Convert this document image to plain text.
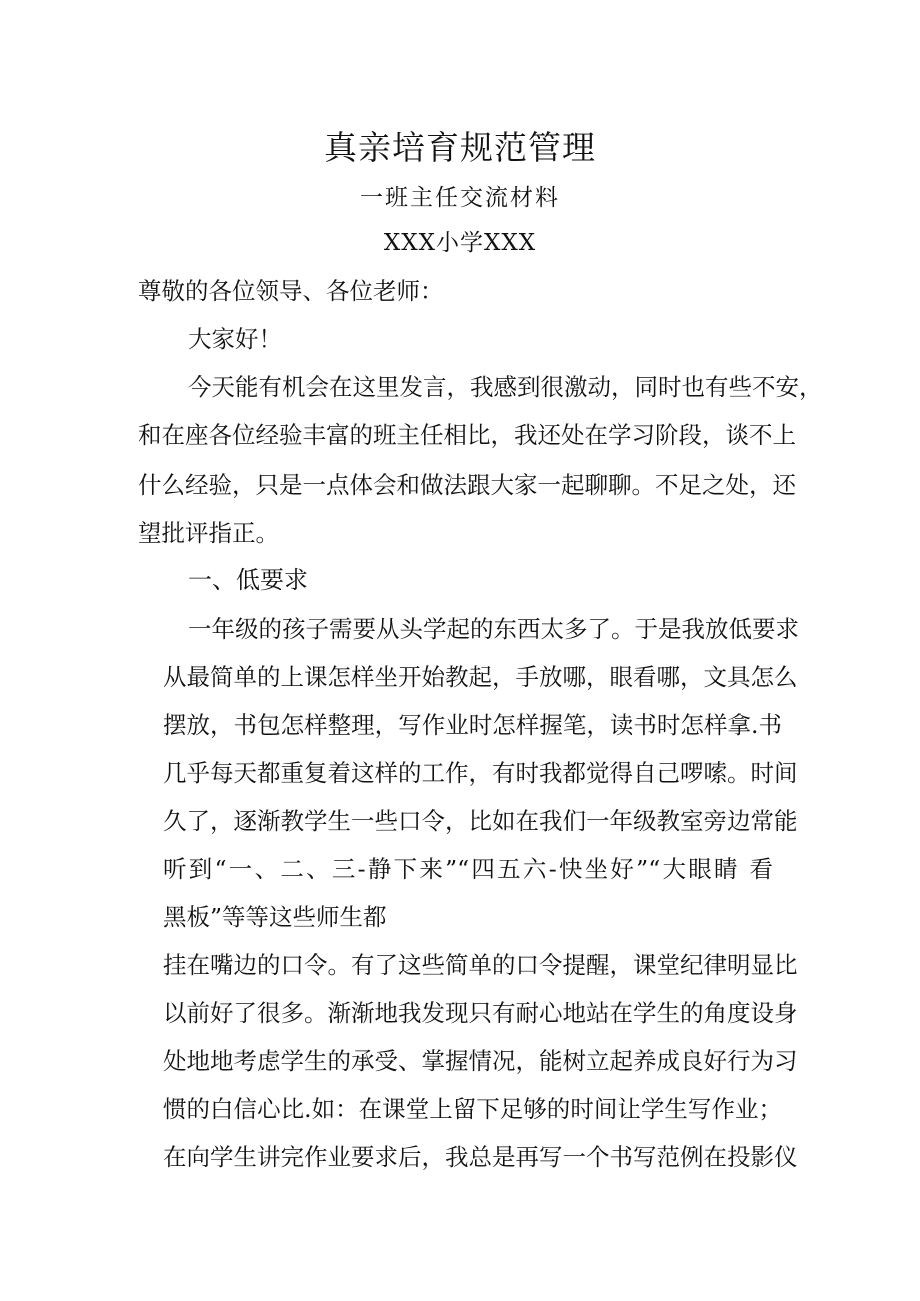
真亲培育规范管理
一班主任交流材料
XXX小学XXX
尊敬的各位领导、各位老师：
大家好！
今天能有机会在这里发言，我感到很激动，同时也有些不安，
和在座各位经验丰富的班主任相比，我还处在学习阶段，谈不上
什么经验，只是一点体会和做法跟大家一起聊聊。不足之处，还
望批评指正。
一、低要求
一年级的孩子需要从头学起的东西太多了。于是我放低要求
从最简单的上课怎样坐开始教起，手放哪，眼看哪，文具怎么
摆放，书包怎样整理，写作业时怎样握笔，读书时怎样拿.书
几乎每天都重复着这样的工作，有时我都觉得自己啰嗦。时间
久了，逐渐教学生一些口令，比如在我们一年级教室旁边常能
听到“一、二、三-静下来”“四五六-快坐好”“大眼睛 看
黑板”等等这些师生都
挂在嘴边的口令。有了这些简单的口令提醒，课堂纪律明显比
以前好了很多。渐渐地我发现只有耐心地站在学生的角度设身
处地地考虑学生的承受、掌握情况，能树立起养成良好行为习
惯的白信心比.如：在课堂上留下足够的时间让学生写作业；
在向学生讲完作业要求后，我总是再写一个书写范例在投影仪
